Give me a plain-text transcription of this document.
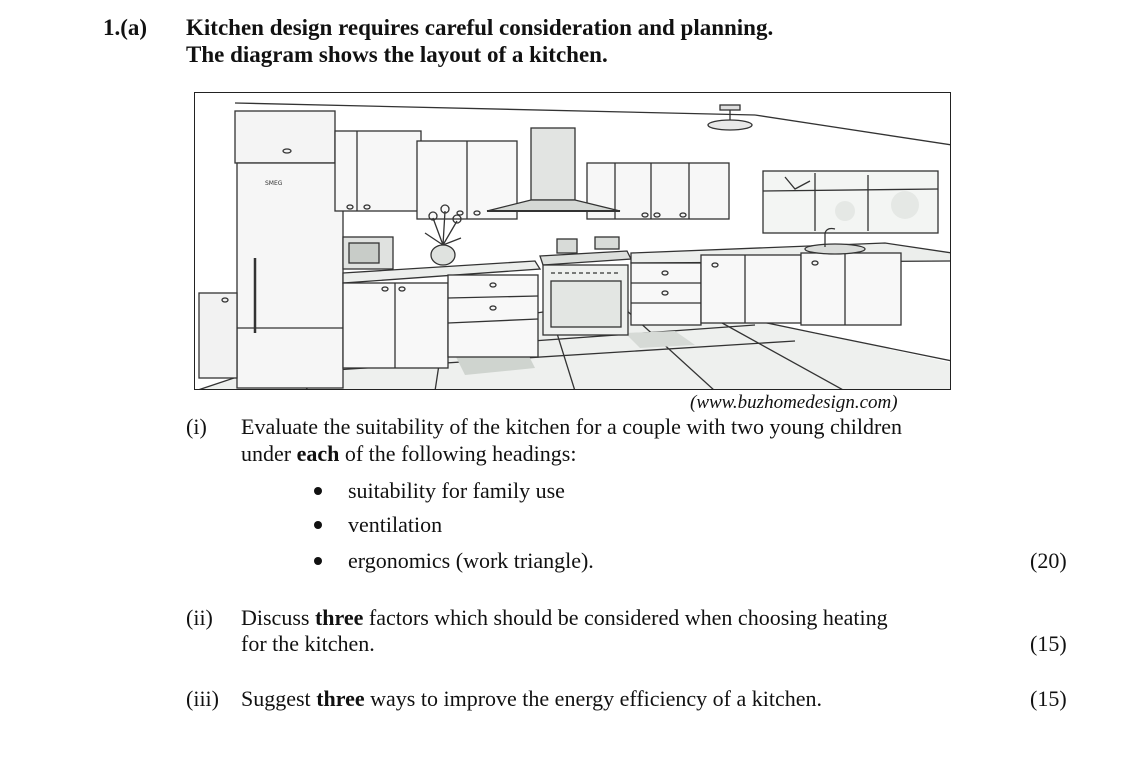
1.(a) Kitchen design requires careful consideration and planning.
The diagram shows the layout of a kitchen.
SMEG
(www.buzhomedesign.com)
(i) Evaluate the suitability of the kitchen for a couple with two young children
under each of the following headings:
suitability for family use
ventilation
ergonomics (work triangle).	(20)
(ii) Discuss three factors which should be considered when choosing heating
for the kitchen.	(15)
(iii) Suggest three ways to improve the energy efficiency of a kitchen.	(15)
